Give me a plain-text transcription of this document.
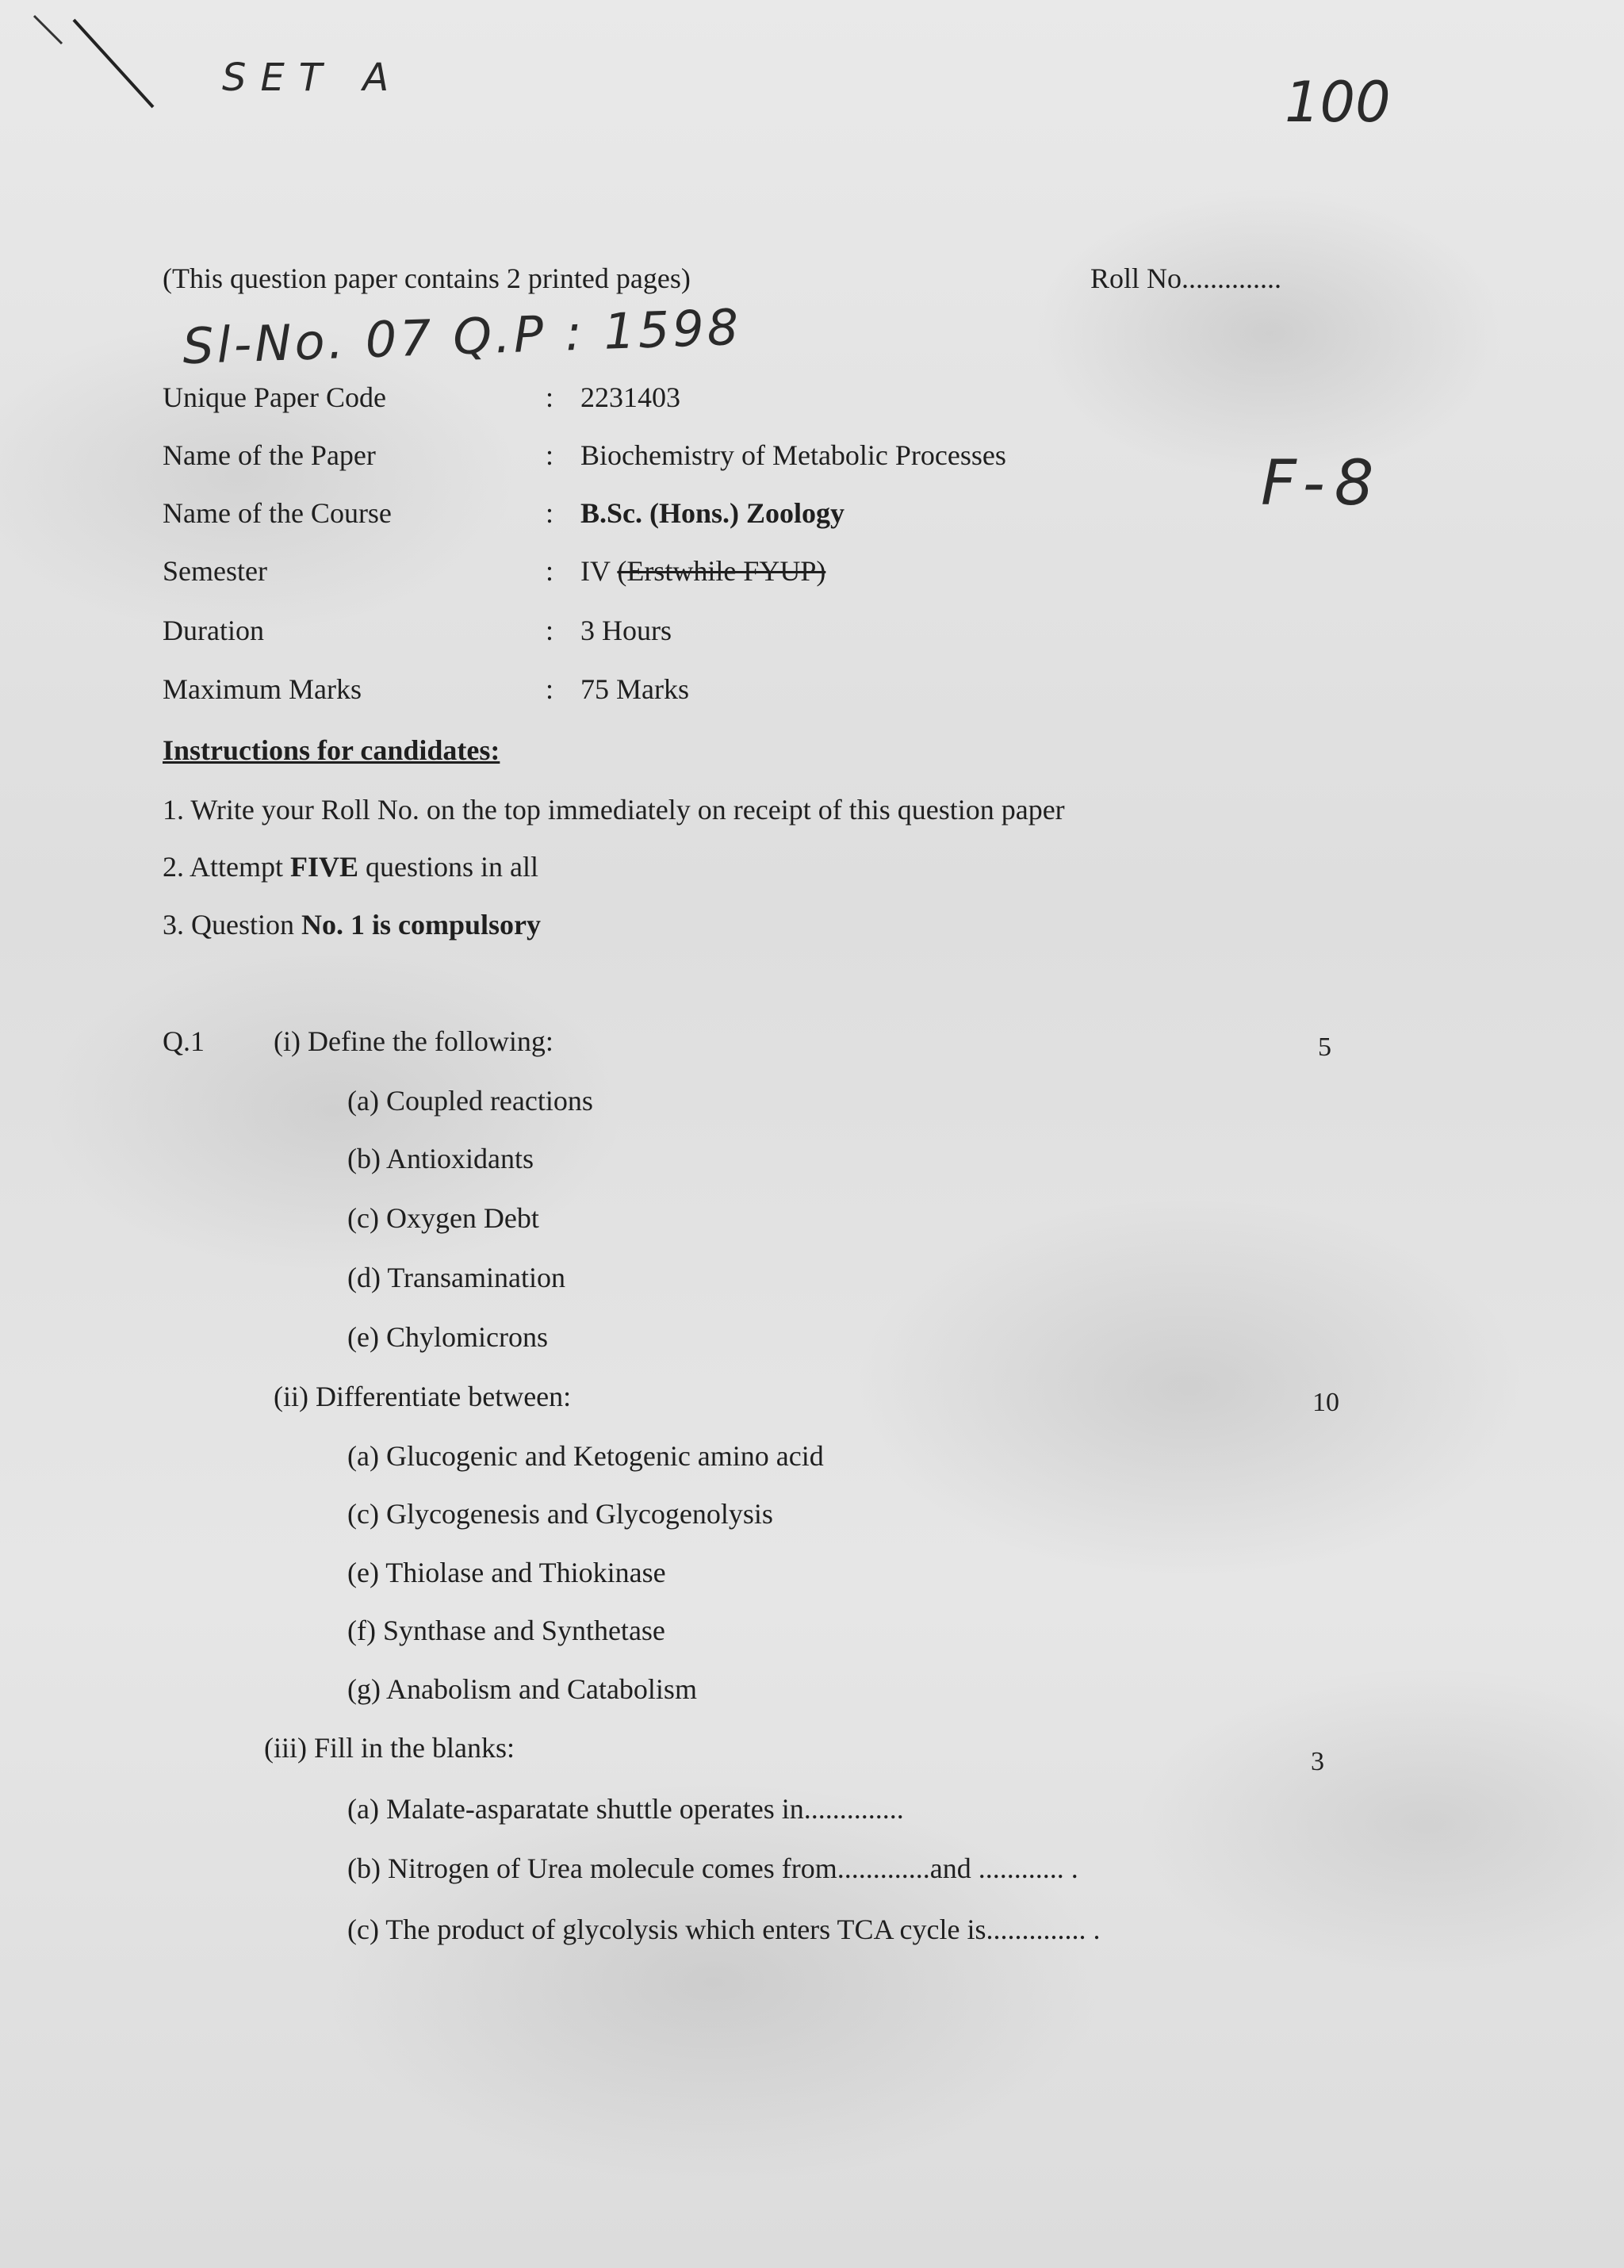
SET A	100
Sl-No. 07 Q.P : 1598
F-8
(This question paper contains 2 printed pages)	Roll No..............
Unique Paper Code	: 2231403
Name of the Paper	: Biochemistry of Metabolic Processes
Name of the Course	: B.Sc. (Hons.) Zoology
Semester	: IV (Erstwhile FYUP)
Duration	: 3 Hours
Maximum Marks	: 75 Marks
Instructions for candidates:
1. Write your Roll No. on the top immediately on receipt of this question paper
2. Attempt FIVE questions in all
3. Question No. 1 is compulsory
Q.1 (i) Define the following:	5
(a) Coupled reactions
(b) Antioxidants
(c) Oxygen Debt
(d) Transamination
(e) Chylomicrons
(ii) Differentiate between:	10
(a) Glucogenic and Ketogenic amino acid
(c) Glycogenesis and Glycogenolysis
(e) Thiolase and Thiokinase
(f) Synthase and Synthetase
(g) Anabolism and Catabolism
(iii) Fill in the blanks:	3
(a) Malate-asparatate shuttle operates in..............
(b) Nitrogen of Urea molecule comes from.............and ............ .
(c) The product of glycolysis which enters TCA cycle is.............. .
